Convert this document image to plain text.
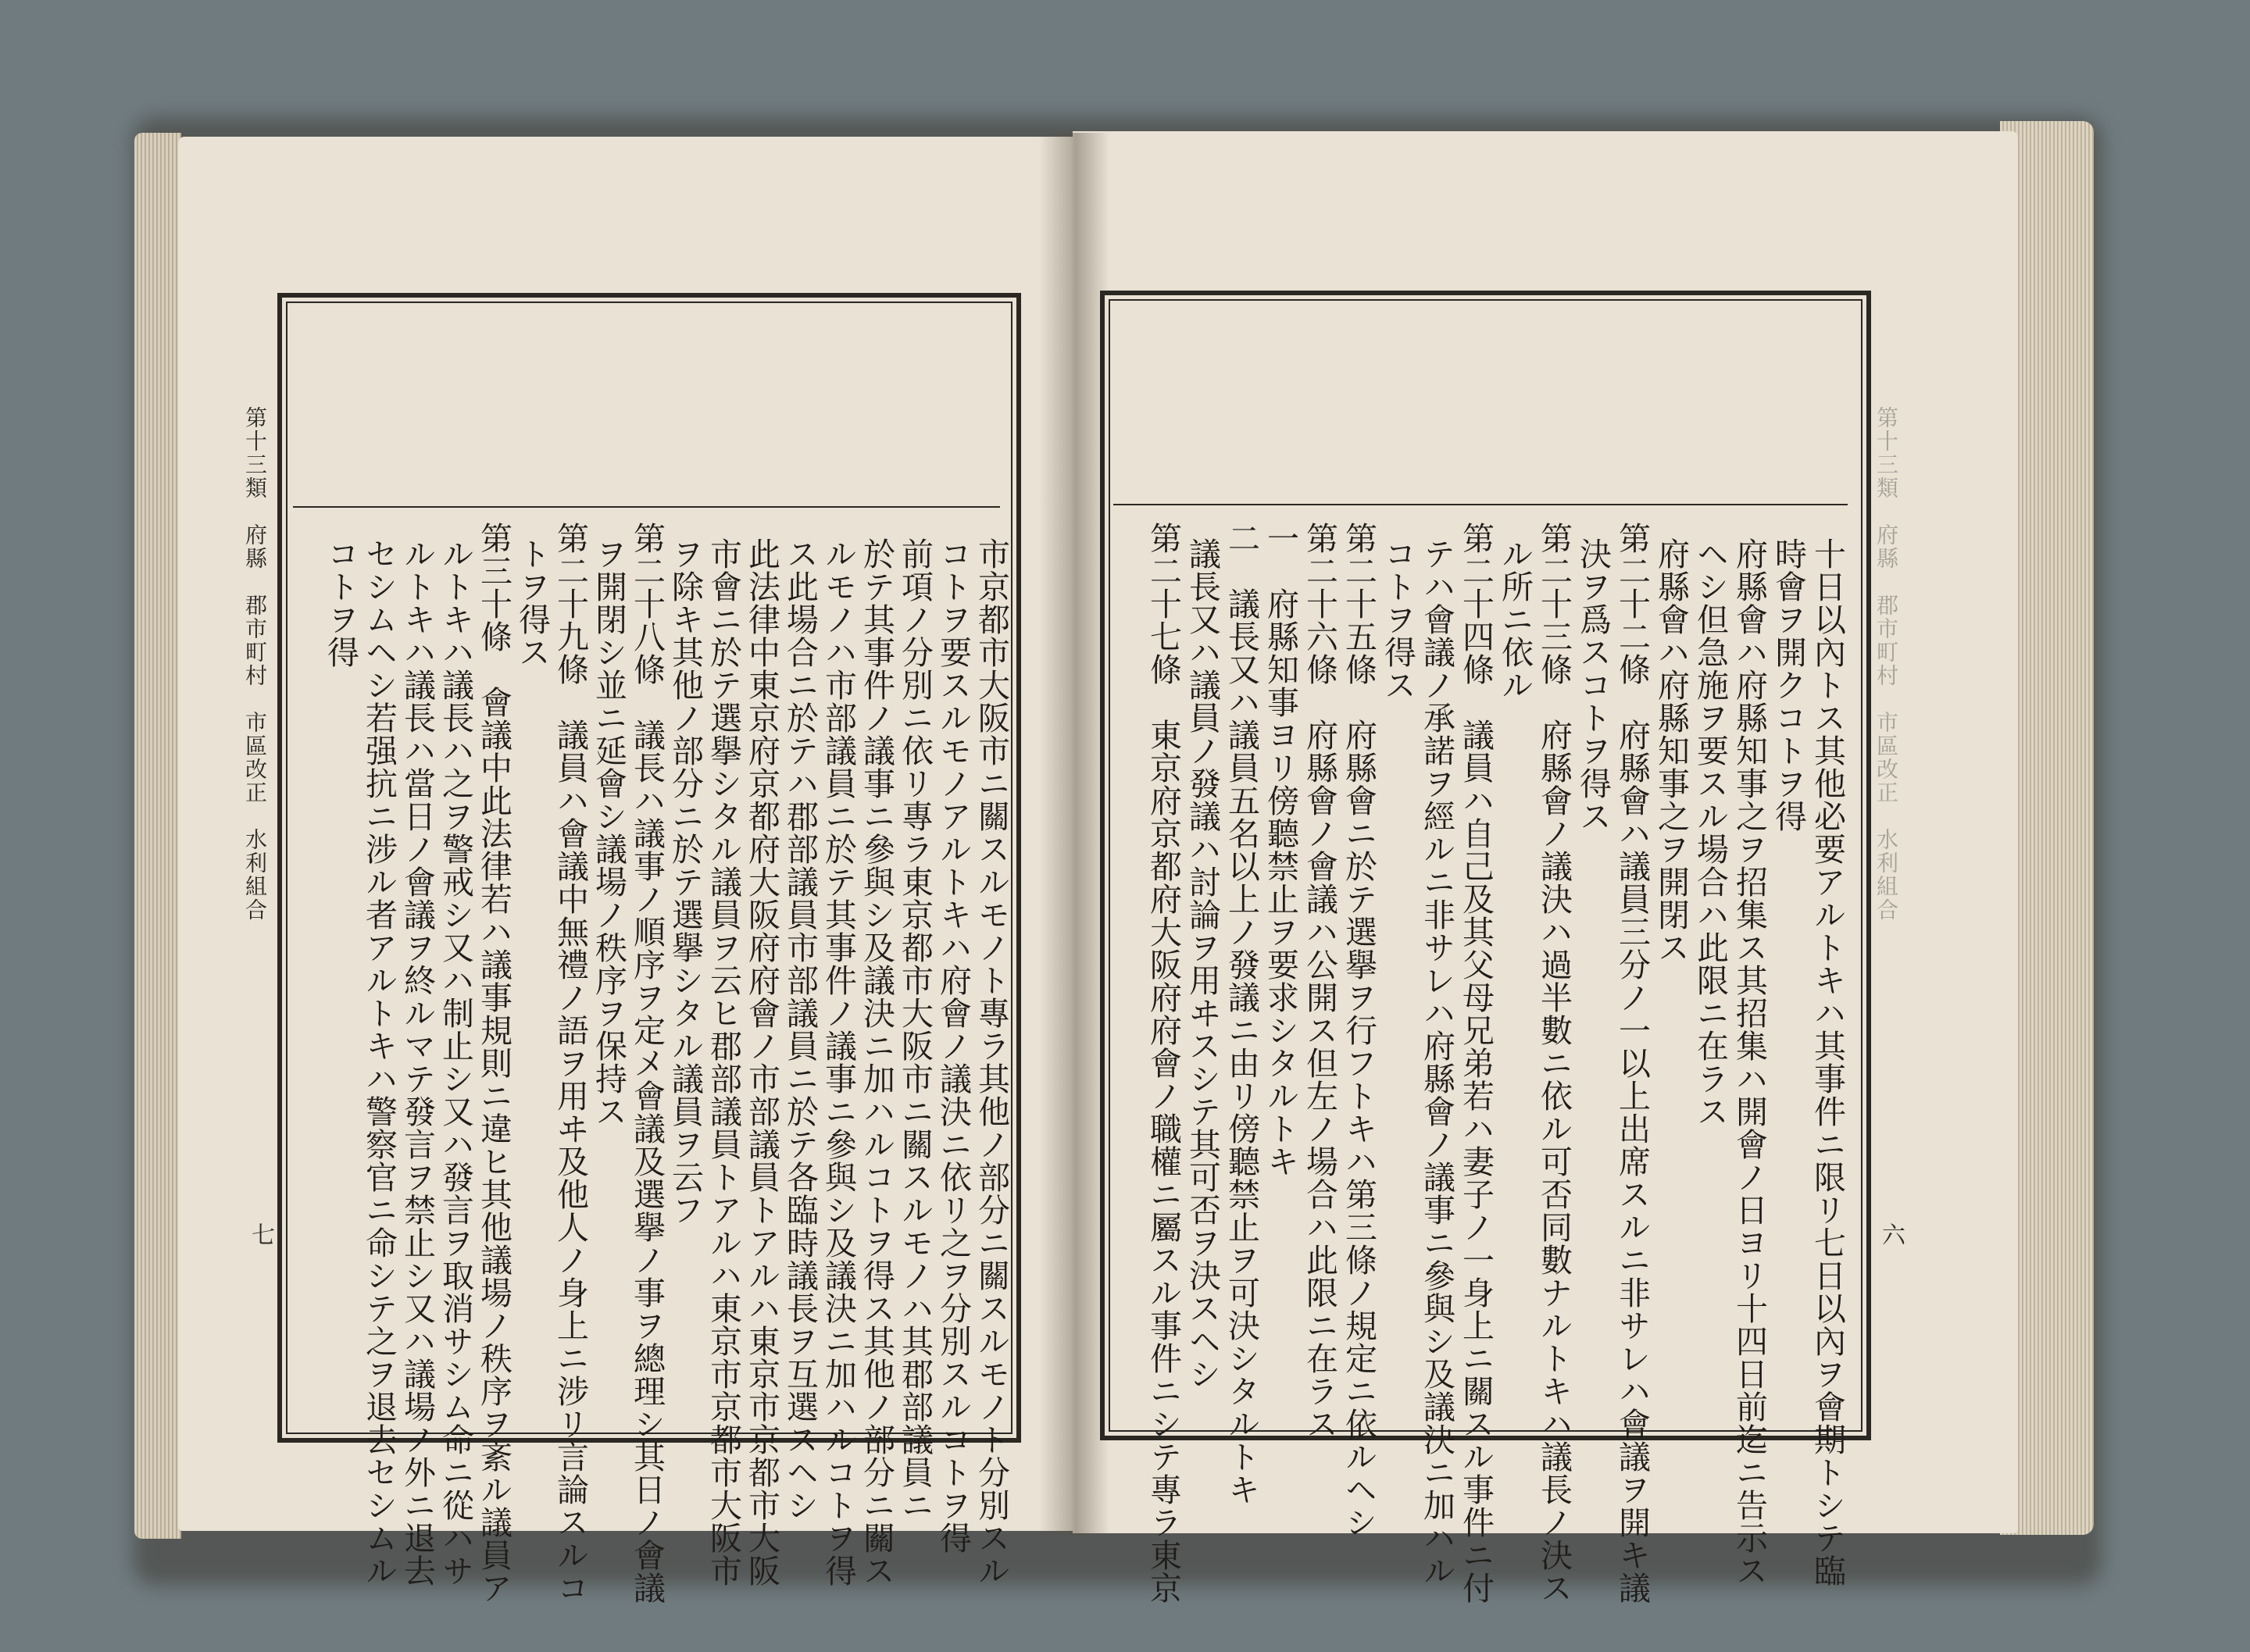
第十三類　府縣　郡市町村　市區改正　水利組合	第十三類　府縣　郡市町村　市區改正　水利組合
七	六
市京都市大阪市ニ關スルモノト專ラ其他ノ部分ニ關スルモノト分別スル
コトヲ要スルモノアルトキハ府會ノ議決ニ依リ之ヲ分別スルコトヲ得
前項ノ分別ニ依リ專ラ東京都市大阪市ニ關スルモノハ其郡部議員ニ
於テ其事件ノ議事ニ參與シ及議決ニ加ハルコトヲ得ス其他ノ部分ニ關ス
ルモノハ市部議員ニ於テ其事件ノ議事ニ參與シ及議決ニ加ハルコトヲ得
ス此場合ニ於テハ郡部議員市部議員ニ於テ各臨時議長ヲ互選スヘシ
此法律中東京府京都府大阪府府會ノ市部議員トアルハ東京市京都市大阪
市會ニ於テ選擧シタル議員ヲ云ヒ郡部議員トアルハ東京市京都市大阪市
ヲ除キ其他ノ部分ニ於テ選擧シタル議員ヲ云フ
第二十八條　議長ハ議事ノ順序ヲ定メ會議及選擧ノ事ヲ總理シ其日ノ會議
ヲ開閉シ並ニ延會シ議場ノ秩序ヲ保持ス
第二十九條　議員ハ會議中無禮ノ語ヲ用ヰ及他人ノ身上ニ涉リ言論スルコ
トヲ得ス
第三十條　會議中此法律若ハ議事規則ニ違ヒ其他議場ノ秩序ヲ紊ル議員ア
ルトキハ議長ハ之ヲ警戒シ又ハ制止シ又ハ發言ヲ取消サシム命ニ從ハサ
ルトキハ議長ハ當日ノ會議ヲ終ルマテ發言ヲ禁止シ又ハ議場ノ外ニ退去
セシムヘシ若强抗ニ涉ル者アルトキハ警察官ニ命シテ之ヲ退去セシムル
コトヲ得	十日以內トス其他必要アルトキハ其事件ニ限リ七日以內ヲ會期トシテ臨
時會ヲ開クコトヲ得
府縣會ハ府縣知事之ヲ招集ス其招集ハ開會ノ日ヨリ十四日前迄ニ告示ス
ヘシ但急施ヲ要スル場合ハ此限ニ在ラス
府縣會ハ府縣知事之ヲ開閉ス
第二十二條　府縣會ハ議員三分ノ一以上出席スルニ非サレハ會議ヲ開キ議
決ヲ爲スコトヲ得ス
第二十三條　府縣會ノ議決ハ過半數ニ依ル可否同數ナルトキハ議長ノ決ス
ル所ニ依ル
第二十四條　議員ハ自己及其父母兄弟若ハ妻子ノ一身上ニ關スル事件ニ付
テハ會議ノ承諾ヲ經ルニ非サレハ府縣會ノ議事ニ參與シ及議決ニ加ハル
コトヲ得ス
第二十五條　府縣會ニ於テ選擧ヲ行フトキハ第三條ノ規定ニ依ルヘシ
第二十六條　府縣會ノ會議ハ公開ス但左ノ場合ハ此限ニ在ラス
一　府縣知事ヨリ傍聽禁止ヲ要求シタルトキ
二　議長又ハ議員五名以上ノ發議ニ由リ傍聽禁止ヲ可決シタルトキ
議長又ハ議員ノ發議ハ討論ヲ用ヰスシテ其可否ヲ決スヘシ
第二十七條　東京府京都府大阪府府會ノ職權ニ屬スル事件ニシテ專ラ東京
